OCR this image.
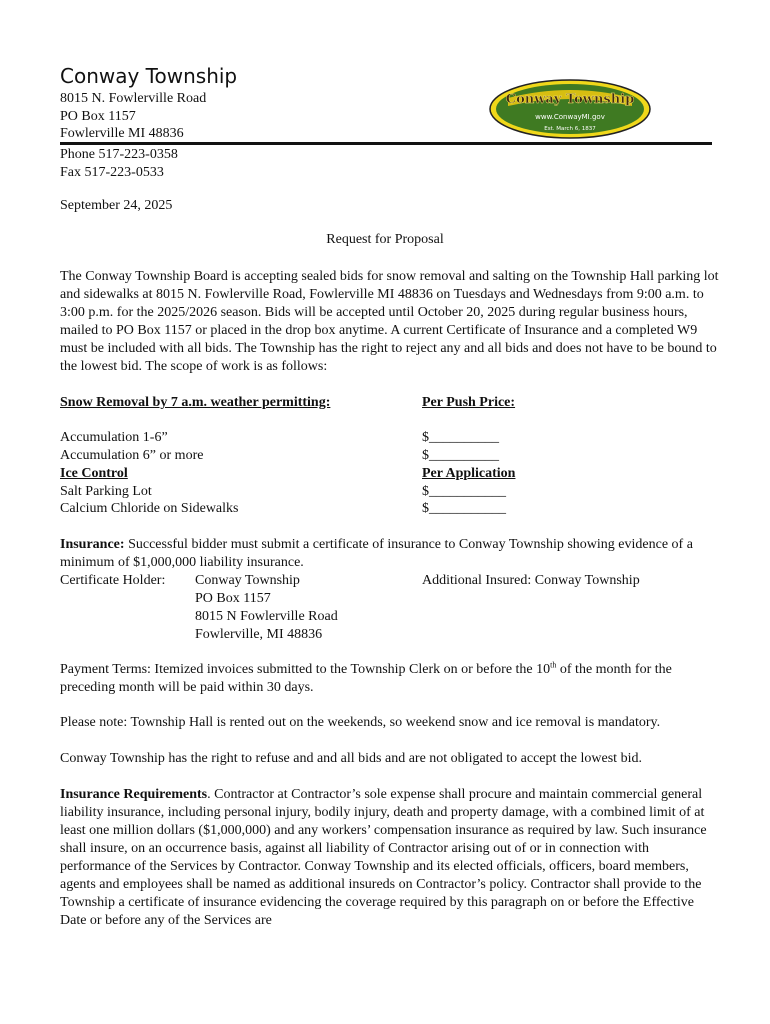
Conway Township
8015 N. Fowlerville Road
PO Box 1157
Fowlerville MI 48836
Conway Township
www.ConwayMI.gov
Est. March 6, 1837
Phone 517-223-0358
Fax 517-223-0533
September 24, 2025
Request for Proposal

The Conway Township Board is accepting sealed bids for snow removal and salting on the Township Hall parking lot and sidewalks at 8015 N. Fowlerville Road, Fowlerville MI 48836 on Tuesdays and Wednesdays from 9:00 a.m. to 3:00 p.m. for the 2025/2026 season. Bids will be accepted until October 20, 2025 during regular business hours, mailed to PO Box 1157 or placed in the drop box anytime. A current Certificate of Insurance and a completed W9 must be included with all bids. The Township has the right to reject any and all bids and does not have to be bound to the lowest bid. The scope of work is as follows:

Snow Removal by 7 a.m. weather permitting:	Per Push Price:
Accumulation 1-6”	$__________
Accumulation 6” or more	$__________
Ice Control	Per Application
Salt Parking Lot	$___________
Calcium Chloride on Sidewalks	$___________

Insurance: Successful bidder must submit a certificate of insurance to Conway Township showing evidence of a minimum of $1,000,000 liability insurance.

Certificate Holder: Conway Township
PO Box 1157
8015 N Fowlerville Road
Fowlerville, MI 48836
Additional Insured: Conway Township

Payment Terms: Itemized invoices submitted to the Township Clerk on or before the 10th of the month for the preceding month will be paid within 30 days.

Please note: Township Hall is rented out on the weekends, so weekend snow and ice removal is mandatory.

Conway Township has the right to refuse and and all bids and are not obligated to accept the lowest bid.

Insurance Requirements. Contractor at Contractor’s sole expense shall procure and maintain commercial general liability insurance, including personal injury, bodily injury, death and property damage, with a combined limit of at least one million dollars ($1,000,000) and any workers’ compensation insurance as required by law. Such insurance shall insure, on an occurrence basis, against all liability of Contractor arising out of or in connection with performance of the Services by Contractor. Conway Township and its elected officials, officers, board members, agents and employees shall be named as additional insureds on Contractor’s policy. Contractor shall provide to the Township a certificate of insurance evidencing the coverage required by this paragraph on or before the Effective Date or before any of the Services are
